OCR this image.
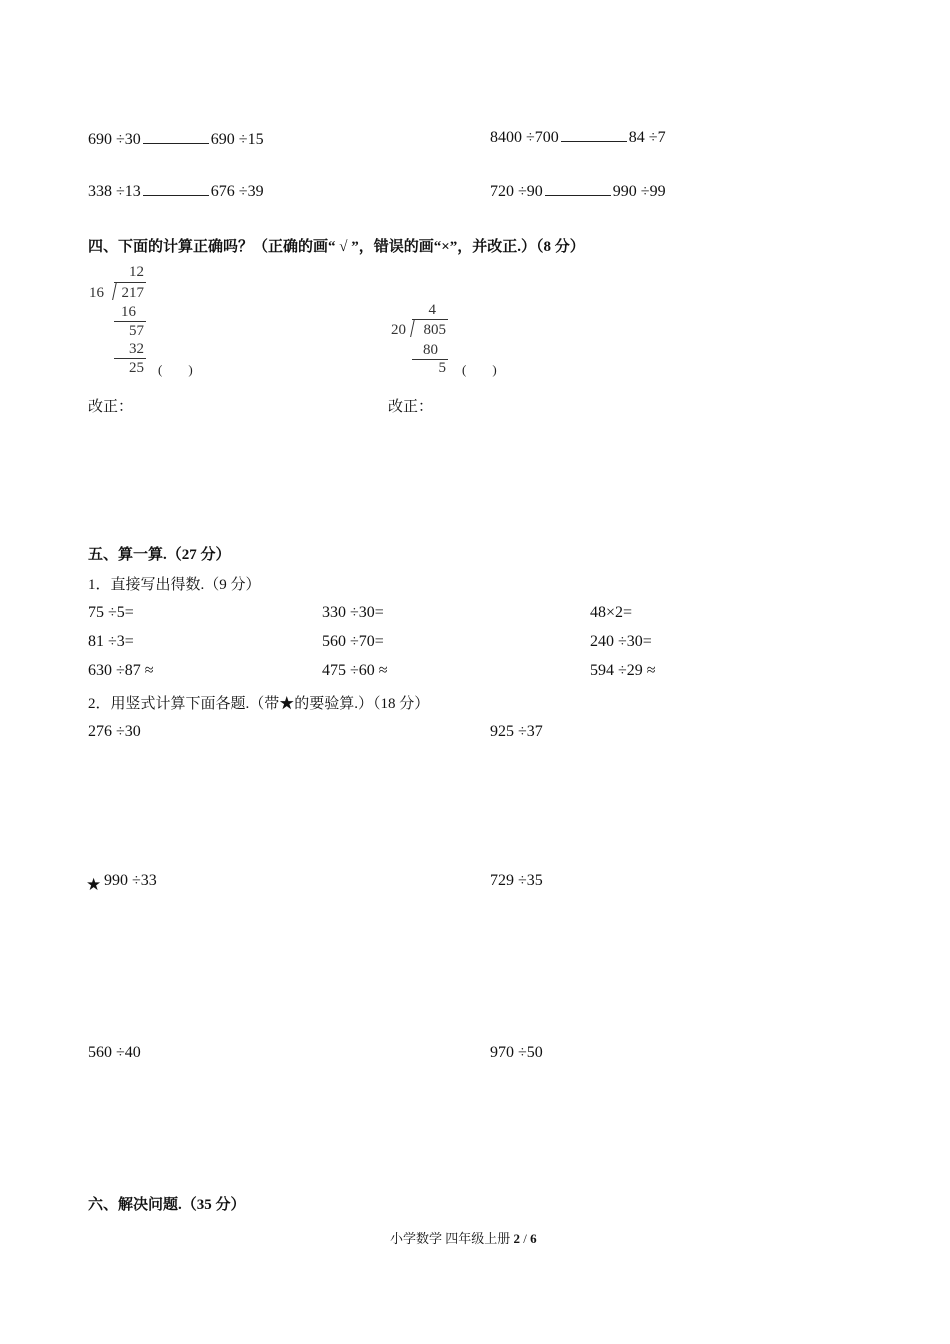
690 ÷30	690 ÷15	8400 ÷700	84 ÷7
338 ÷13	676 ÷39	720 ÷90	990 ÷99
四、下面的计算正确吗？（正确的画“ √ ”，错误的画“×”，并改正.）（8 分）
12
16	217
16
57
32
25 (　　)
4
20	805
80
5 (　　)
改正：	改正：
五、算一算.（27 分）
1．直接写出得数.（9 分）
75 ÷5=	330 ÷30=	48×2=
81 ÷3=	560 ÷70=	240 ÷30=
630 ÷87 ≈	475 ÷60 ≈	594 ÷29 ≈
2．用竖式计算下面各题.（带★的要验算.）（18 分）
276 ÷30	925 ÷37
★ 990 ÷33	729 ÷35
560 ÷40	970 ÷50
六、解决问题.（35 分）
小学数学 四年级上册 2 / 6
